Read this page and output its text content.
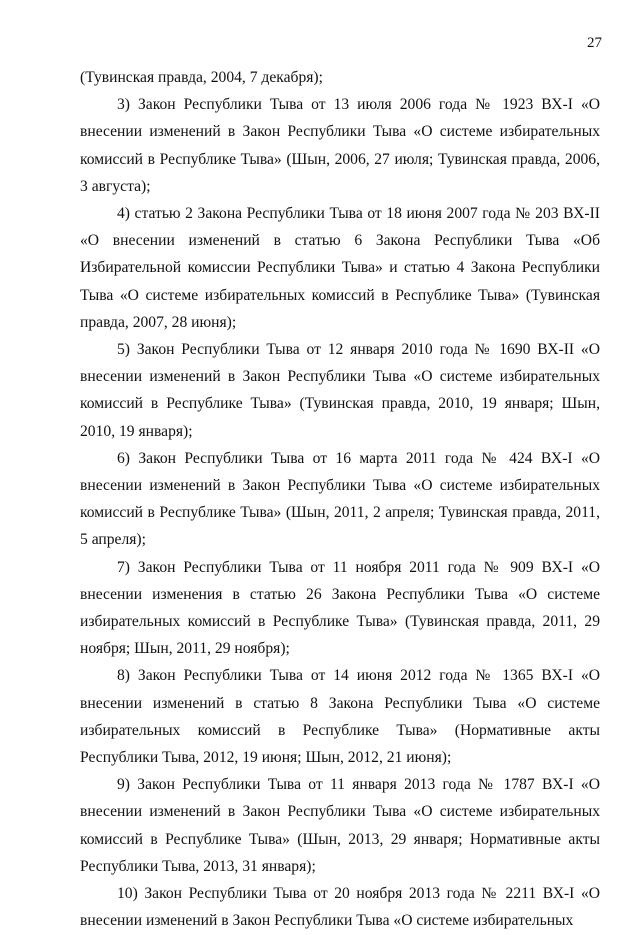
27

(Тувинская правда, 2004, 7 декабря);

3) Закон Республики Тыва от 13 июля 2006 года № 1923 ВХ-I «О внесении изменений в Закон Республики Тыва «О системе избирательных комиссий в Республике Тыва» (Шын, 2006, 27 июля; Тувинская правда, 2006, 3 августа);

4) статью 2 Закона Республики Тыва от 18 июня 2007 года № 203 ВХ-II «О внесении изменений в статью 6 Закона Республики Тыва «Об Избирательной комиссии Республики Тыва» и статью 4 Закона Республики Тыва «О системе избирательных комиссий в Республике Тыва» (Тувинская правда, 2007, 28 июня);

5) Закон Республики Тыва от 12 января 2010 года № 1690 ВХ-II «О внесении изменений в Закон Республики Тыва «О системе избирательных комиссий в Республике Тыва» (Тувинская правда, 2010, 19 января; Шын, 2010, 19 января);

6) Закон Республики Тыва от 16 марта 2011 года № 424 ВХ-I «О внесении изменений в Закон Республики Тыва «О системе избирательных комиссий в Республике Тыва» (Шын, 2011, 2 апреля; Тувинская правда, 2011, 5 апреля);

7) Закон Республики Тыва от 11 ноября 2011 года № 909 ВХ-I «О внесении изменения в статью 26 Закона Республики Тыва «О системе избирательных комиссий в Республике Тыва» (Тувинская правда, 2011, 29 ноября; Шын, 2011, 29 ноября);

8) Закон Республики Тыва от 14 июня 2012 года № 1365 ВХ-I «О внесении изменений в статью 8 Закона Республики Тыва «О системе избирательных комиссий в Республике Тыва» (Нормативные акты Республики Тыва, 2012, 19 июня; Шын, 2012, 21 июня);

9) Закон Республики Тыва от 11 января 2013 года № 1787 ВХ-I «О внесении изменений в Закон Республики Тыва «О системе избирательных комиссий в Республике Тыва» (Шын, 2013, 29 января; Нормативные акты Республики Тыва, 2013, 31 января);

10) Закон Республики Тыва от 20 ноября 2013 года № 2211 ВХ-I «О внесении изменений в Закон Республики Тыва «О системе избирательных
